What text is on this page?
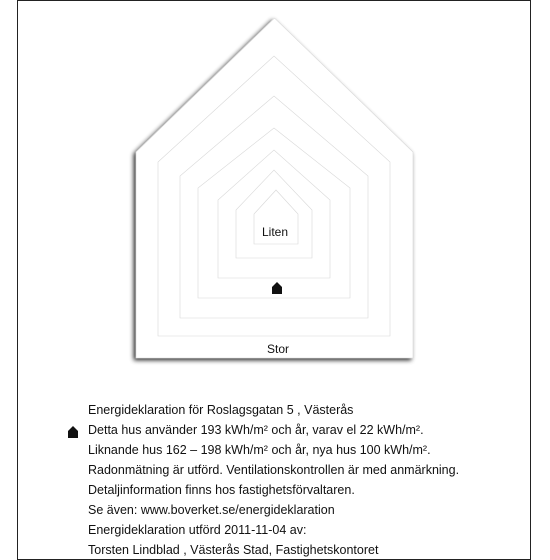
Liten
Stor
Energideklaration för Roslagsgatan 5 , Västerås
Detta hus använder 193 kWh/m² och år, varav el 22 kWh/m².
Liknande hus 162 – 198 kWh/m² och år, nya hus 100 kWh/m².
Radonmätning är utförd. Ventilationskontrollen är med anmärkning.
Detaljinformation finns hos fastighetsförvaltaren.
Se även: www.boverket.se/energideklaration
Energideklaration utförd 2011-11-04 av:
Torsten Lindblad , Västerås Stad, Fastighetskontoret
